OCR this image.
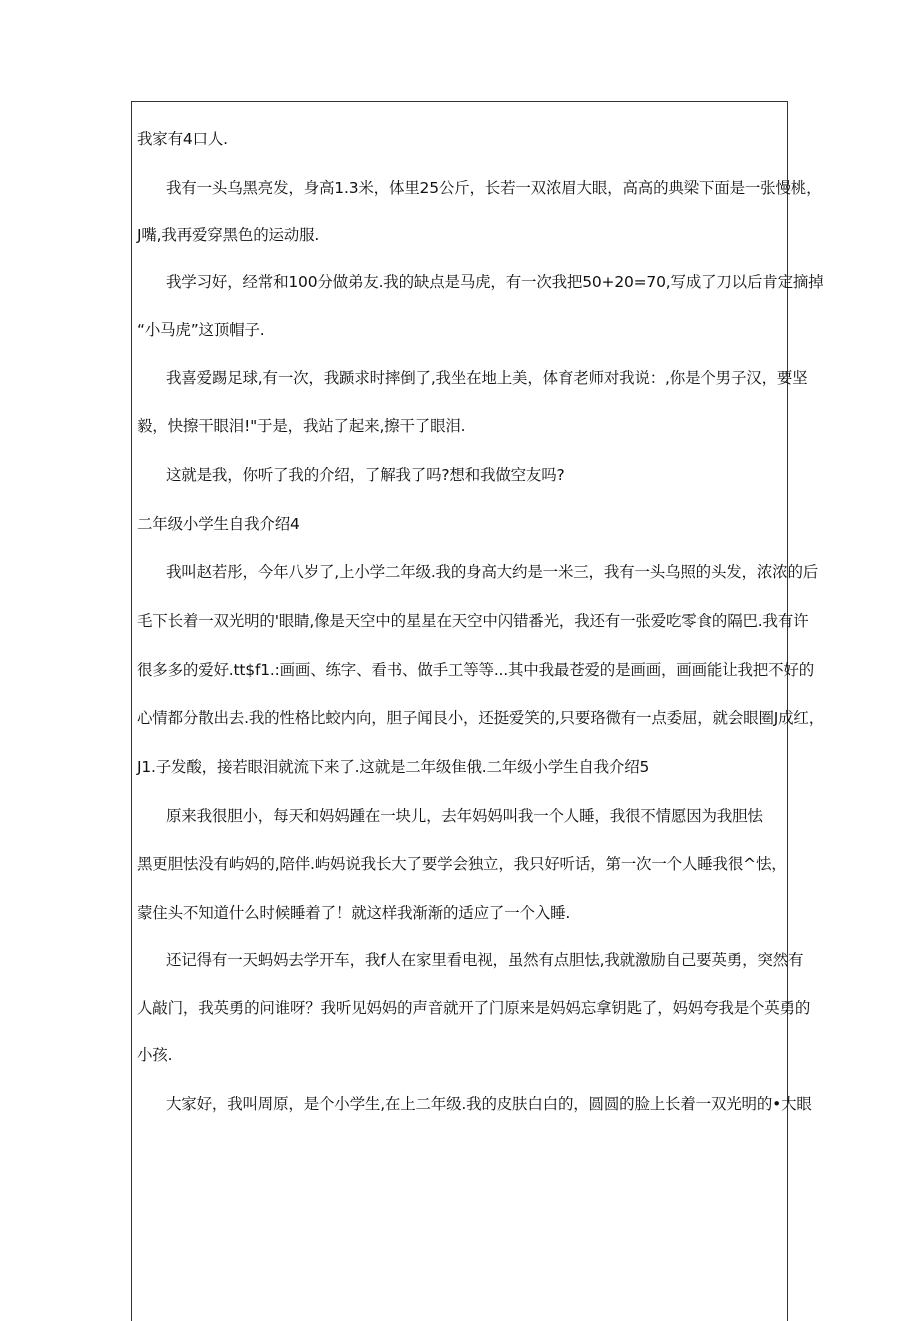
我家有4口人.
我有一头乌黑亮发，身高1.3米，体里25公斤，长若一双浓眉大眼，高高的典梁下面是一张慢桃，
J嘴,我再爱穿黑色的运动服.
我学习好，经常和100分做弟友.我的缺点是马虎，有一次我把50+20=70,写成了刀以后肯定摘掉
“小马虎”这顶帽子.
我喜爱踢足球,有一次，我踬求时摔倒了,我坐在地上美，体育老师对我说：,你是个男子汉，要坚
毅，快擦干眼泪!"于是，我站了起来,擦干了眼泪.
这就是我，你听了我的介绍，了解我了吗?想和我做空友吗?
二年级小学生自我介绍4
我叫赵若彤，今年八岁了,上小学二年级.我的身高大约是一米三，我有一头乌照的头发，浓浓的后
毛下长着一双光明的'眼睛,像是天空中的星星在天空中闪错番光，我还有一张爱吃零食的隔巴.我有许
很多多的爱好.tt$f1.:画画、练字、看书、做手工等等...其中我最苍爱的是画画，画画能让我把不好的
心情都分散出去.我的性格比蛟内向，胆子闻艮小，还挺爱笑的,只要珞微有一点委屈，就会眼圈J成红，
J1.子发酸，接若眼泪就流下来了.这就是二年级隹俄.二年级小学生自我介绍5
原来我很胆小，每天和妈妈踵在一块儿，去年妈妈叫我一个人睡，我很不情愿因为我胆怯
黑更胆怯没有屿妈的,陪伴.屿妈说我长大了要学会独立，我只好听话，第一次一个人睡我很^怯，
蒙住头不知道什么时候睡着了！就这样我渐渐的适应了一个入睡.
还记得有一天蚂妈去学开车，我f人在家里看电视，虽然有点胆怯,我就激励自己要英勇，突然有
人敲门，我英勇的问谁呀？我听见妈妈的声音就开了门原来是妈妈忘拿钥匙了，妈妈夸我是个英勇的
小孩.
大家好，我叫周原，是个小学生,在上二年级.我的皮肤白白的，圆圆的脸上长着一双光明的•大眼
